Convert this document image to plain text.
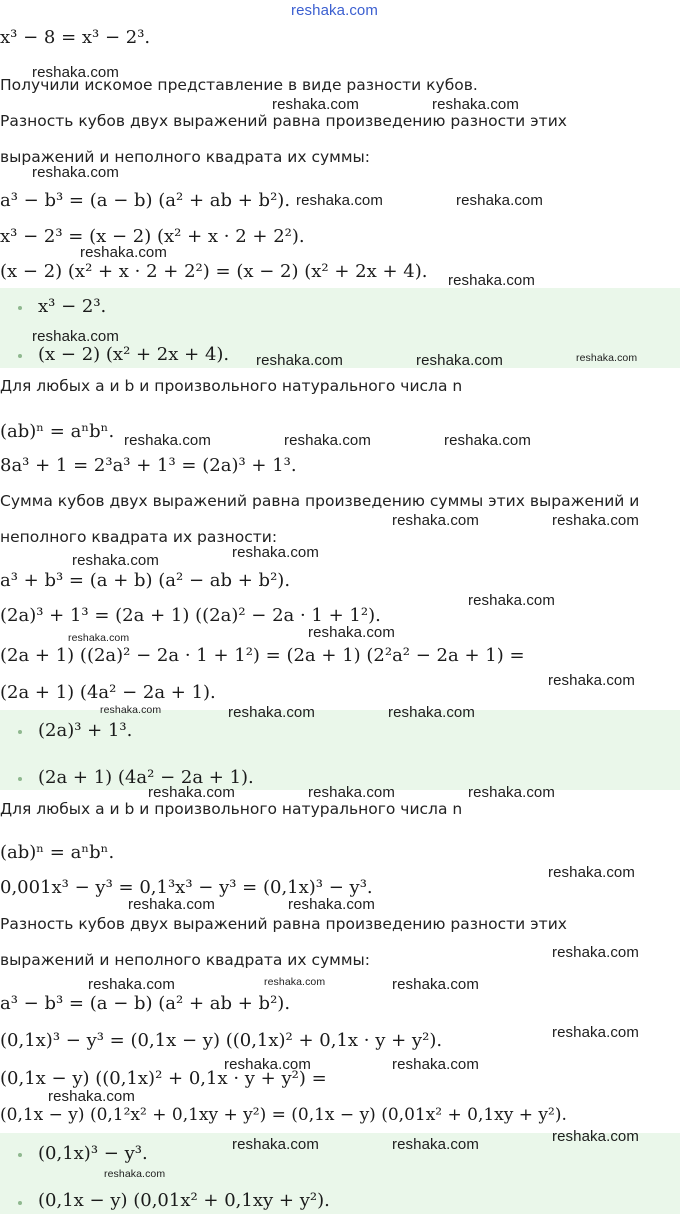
reshaka.com
x³ − 8 = x³ − 2³.
Получили искомое представление в виде разности кубов.
Разность кубов двух выражений равна произведению разности этих
выражений и неполного квадрата их суммы:
a³ − b³ = (a − b) (a² + ab + b²).
x³ − 2³ = (x − 2) (x² + x · 2 + 2²).
(x − 2) (x² + x · 2 + 2²) = (x − 2) (x² + 2x + 4).
x³ − 2³.
(x − 2) (x² + 2x + 4).
Для любых a и b и произвольного натурального числа n
(ab)ⁿ = aⁿbⁿ.
8a³ + 1 = 2³a³ + 1³ = (2a)³ + 1³.
Сумма кубов двух выражений равна произведению суммы этих выражений и
неполного квадрата их разности:
a³ + b³ = (a + b) (a² − ab + b²).
(2a)³ + 1³ = (2a + 1) ((2a)² − 2a · 1 + 1²).
(2a + 1) ((2a)² − 2a · 1 + 1²) = (2a + 1) (2²a² − 2a + 1) =
(2a + 1) (4a² − 2a + 1).
(2a)³ + 1³.
(2a + 1) (4a² − 2a + 1).
Для любых a и b и произвольного натурального числа n
(ab)ⁿ = aⁿbⁿ.
0,001x³ − y³ = 0,1³x³ − y³ = (0,1x)³ − y³.
Разность кубов двух выражений равна произведению разности этих
выражений и неполного квадрата их суммы:
a³ − b³ = (a − b) (a² + ab + b²).
(0,1x)³ − y³ = (0,1x − y) ((0,1x)² + 0,1x · y + y²).
(0,1x − y) ((0,1x)² + 0,1x · y + y²) =
(0,1x − y) (0,1²x² + 0,1xy + y²) = (0,1x − y) (0,01x² + 0,1xy + y²).
(0,1x)³ − y³.
(0,1x − y) (0,01x² + 0,1xy + y²).
reshaka.com
reshaka.com	reshaka.com
reshaka.com
reshaka.com	reshaka.com
reshaka.com
reshaka.com
reshaka.com
reshaka.com	reshaka.com	reshaka.com
reshaka.com	reshaka.com	reshaka.com
reshaka.com	reshaka.com
reshaka.com
reshaka.com
reshaka.com
reshaka.com
reshaka.com
reshaka.com
reshaka.com	reshaka.com	reshaka.com
reshaka.com	reshaka.com	reshaka.com
reshaka.com
reshaka.com	reshaka.com
reshaka.com
reshaka.com	reshaka.com	reshaka.com
reshaka.com
reshaka.com	reshaka.com
reshaka.com
reshaka.com
reshaka.com	reshaka.com
reshaka.com
